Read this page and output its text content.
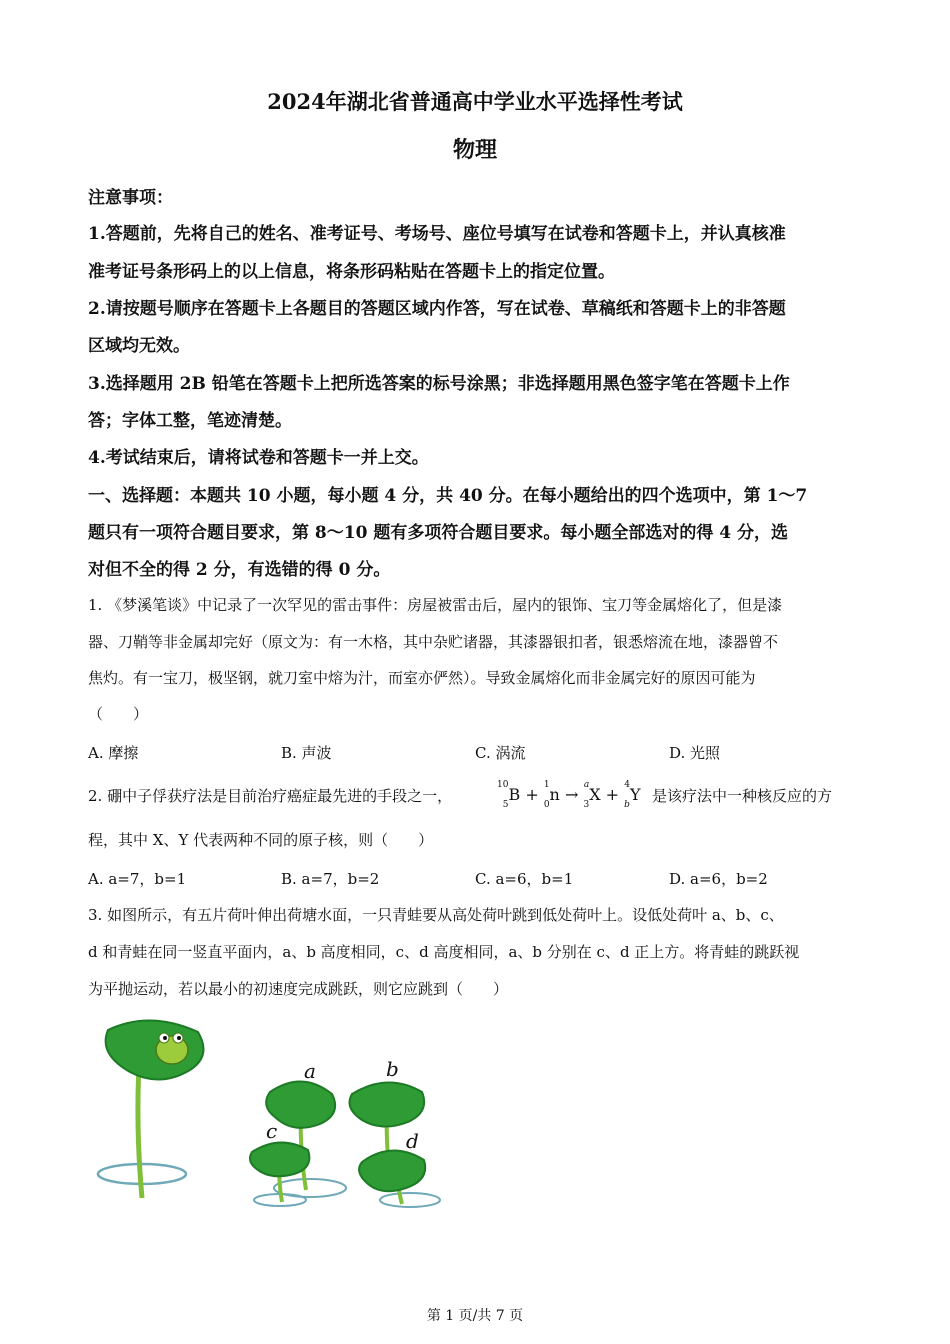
2024年湖北省普通高中学业水平选择性考试
物理
注意事项：
1.答题前，先将自己的姓名、准考证号、考场号、座位号填写在试卷和答题卡上，并认真核准
准考证号条形码上的以上信息，将条形码粘贴在答题卡上的指定位置。
2.请按题号顺序在答题卡上各题目的答题区域内作答，写在试卷、草稿纸和答题卡上的非答题
区域均无效。
3.选择题用 2B 铅笔在答题卡上把所选答案的标号涂黑；非选择题用黑色签字笔在答题卡上作
答；字体工整，笔迹清楚。
4.考试结束后，请将试卷和答题卡一并上交。
一、选择题：本题共 10 小题，每小题 4 分，共 40 分。在每小题给出的四个选项中，第 1～7
题只有一项符合题目要求，第 8～10 题有多项符合题目要求。每小题全部选对的得 4 分，选
对但不全的得 2 分，有选错的得 0 分。
1. 《梦溪笔谈》中记录了一次罕见的雷击事件：房屋被雷击后，屋内的银饰、宝刀等金属熔化了，但是漆
器、刀鞘等非金属却完好（原文为：有一木格，其中杂贮诸器，其漆器银扣者，银悉熔流在地，漆器曾不
焦灼。有一宝刀，极坚钢，就刀室中熔为汁，而室亦俨然）。导致金属熔化而非金属完好的原因可能为
（　　）
A. 摩擦	B. 声波	C. 涡流	D. 光照
2. 硼中子俘获疗法是目前治疗癌症最先进的手段之一，
$^{10}$
$_5$B + $^1$
$_0$n → $^a$
$_3$X + $^4$
$_b$Y 是该疗法中一种核反应的方
程，其中 X、Y 代表两种不同的原子核，则（　　）
A. a=7，b=1	B. a=7，b=2	C. a=6，b=1	D. a=6，b=2
3. 如图所示，有五片荷叶伸出荷塘水面，一只青蛙要从高处荷叶跳到低处荷叶上。设低处荷叶 a、b、c、
d 和青蛙在同一竖直平面内，a、b 高度相同，c、d 高度相同，a、b 分别在 c、d 正上方。将青蛙的跳跃视
为平抛运动，若以最小的初速度完成跳跃，则它应跳到（　　）
a
c
b
d
第 1 页/共 7 页
